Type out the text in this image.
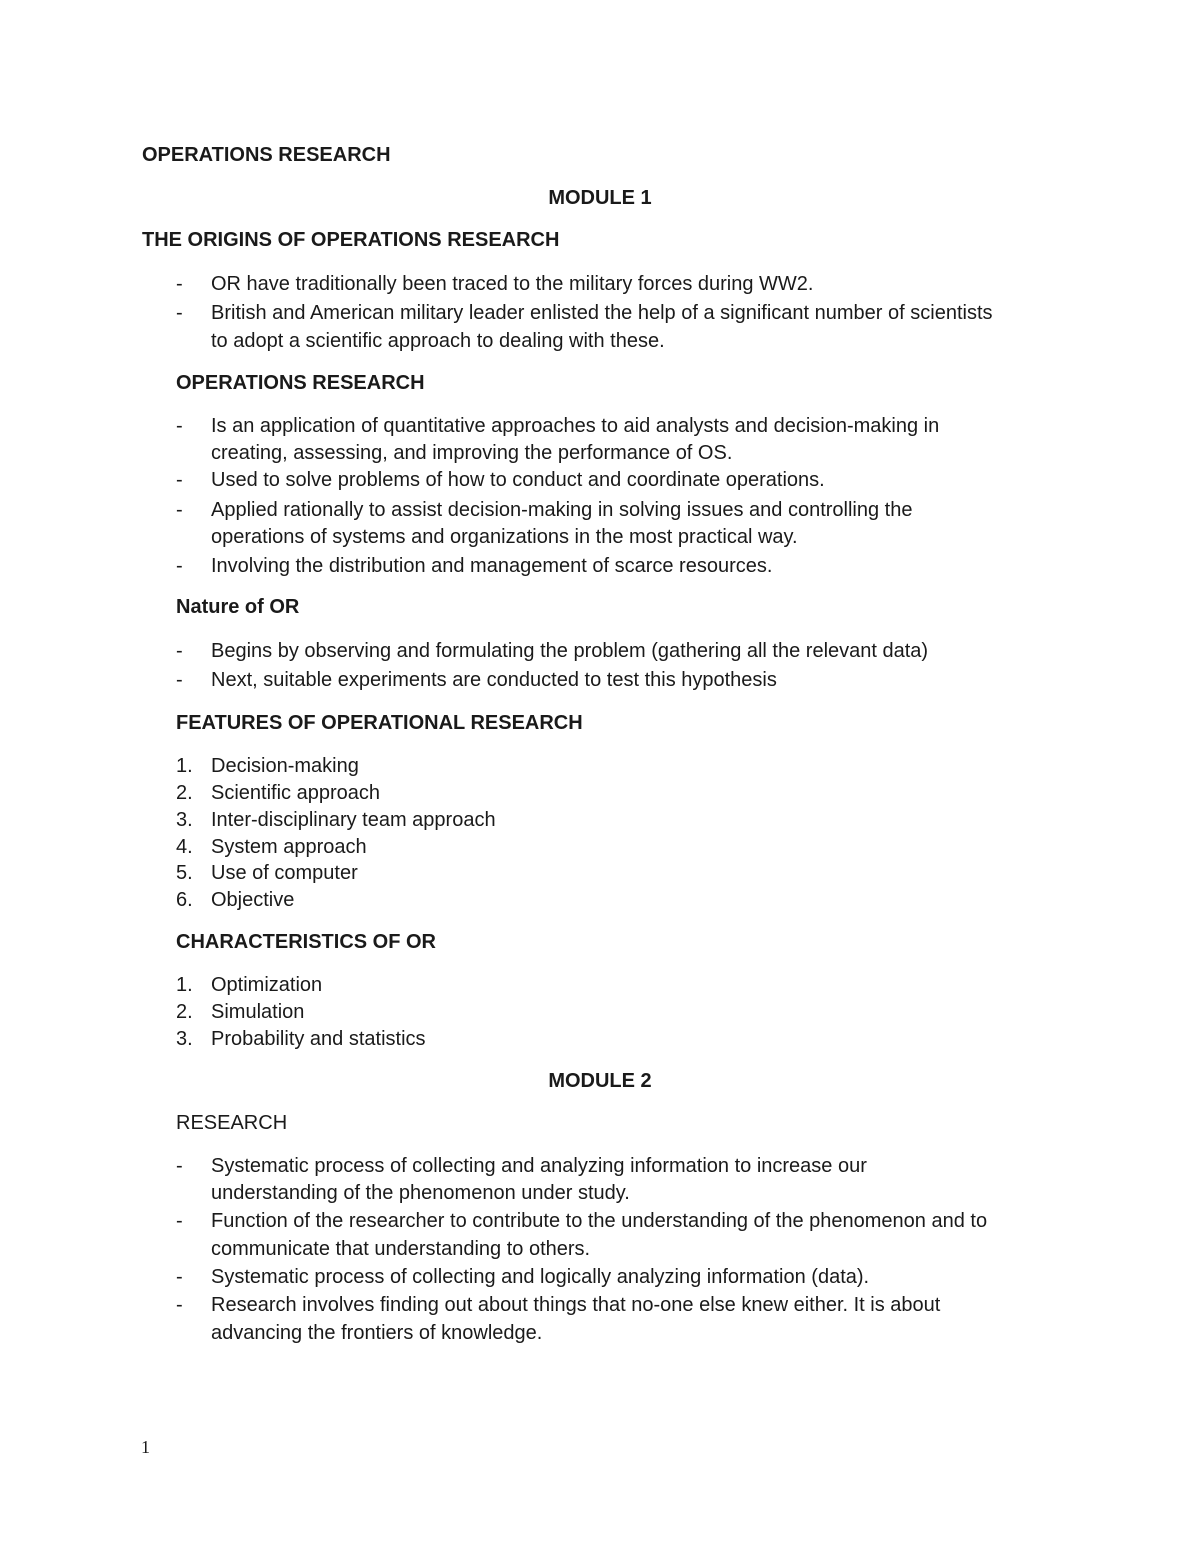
OPERATIONS RESEARCH
MODULE 1
THE ORIGINS OF OPERATIONS RESEARCH
- OR have traditionally been traced to the military forces during WW2.
- British and American military leader enlisted the help of a significant number of scientists
to adopt a scientific approach to dealing with these.
OPERATIONS RESEARCH
- Is an application of quantitative approaches to aid analysts and decision-making in
creating, assessing, and improving the performance of OS.
- Used to solve problems of how to conduct and coordinate operations.
- Applied rationally to assist decision-making in solving issues and controlling the
operations of systems and organizations in the most practical way.
- Involving the distribution and management of scarce resources.
Nature of OR
- Begins by observing and formulating the problem (gathering all the relevant data)
- Next, suitable experiments are conducted to test this hypothesis
FEATURES OF OPERATIONAL RESEARCH
1. Decision-making
2. Scientific approach
3. Inter-disciplinary team approach
4. System approach
5. Use of computer
6. Objective
CHARACTERISTICS OF OR
1. Optimization
2. Simulation
3. Probability and statistics
MODULE 2
RESEARCH
- Systematic process of collecting and analyzing information to increase our
understanding of the phenomenon under study.
- Function of the researcher to contribute to the understanding of the phenomenon and to
communicate that understanding to others.
- Systematic process of collecting and logically analyzing information (data).
- Research involves finding out about things that no-one else knew either. It is about
advancing the frontiers of knowledge.
1
